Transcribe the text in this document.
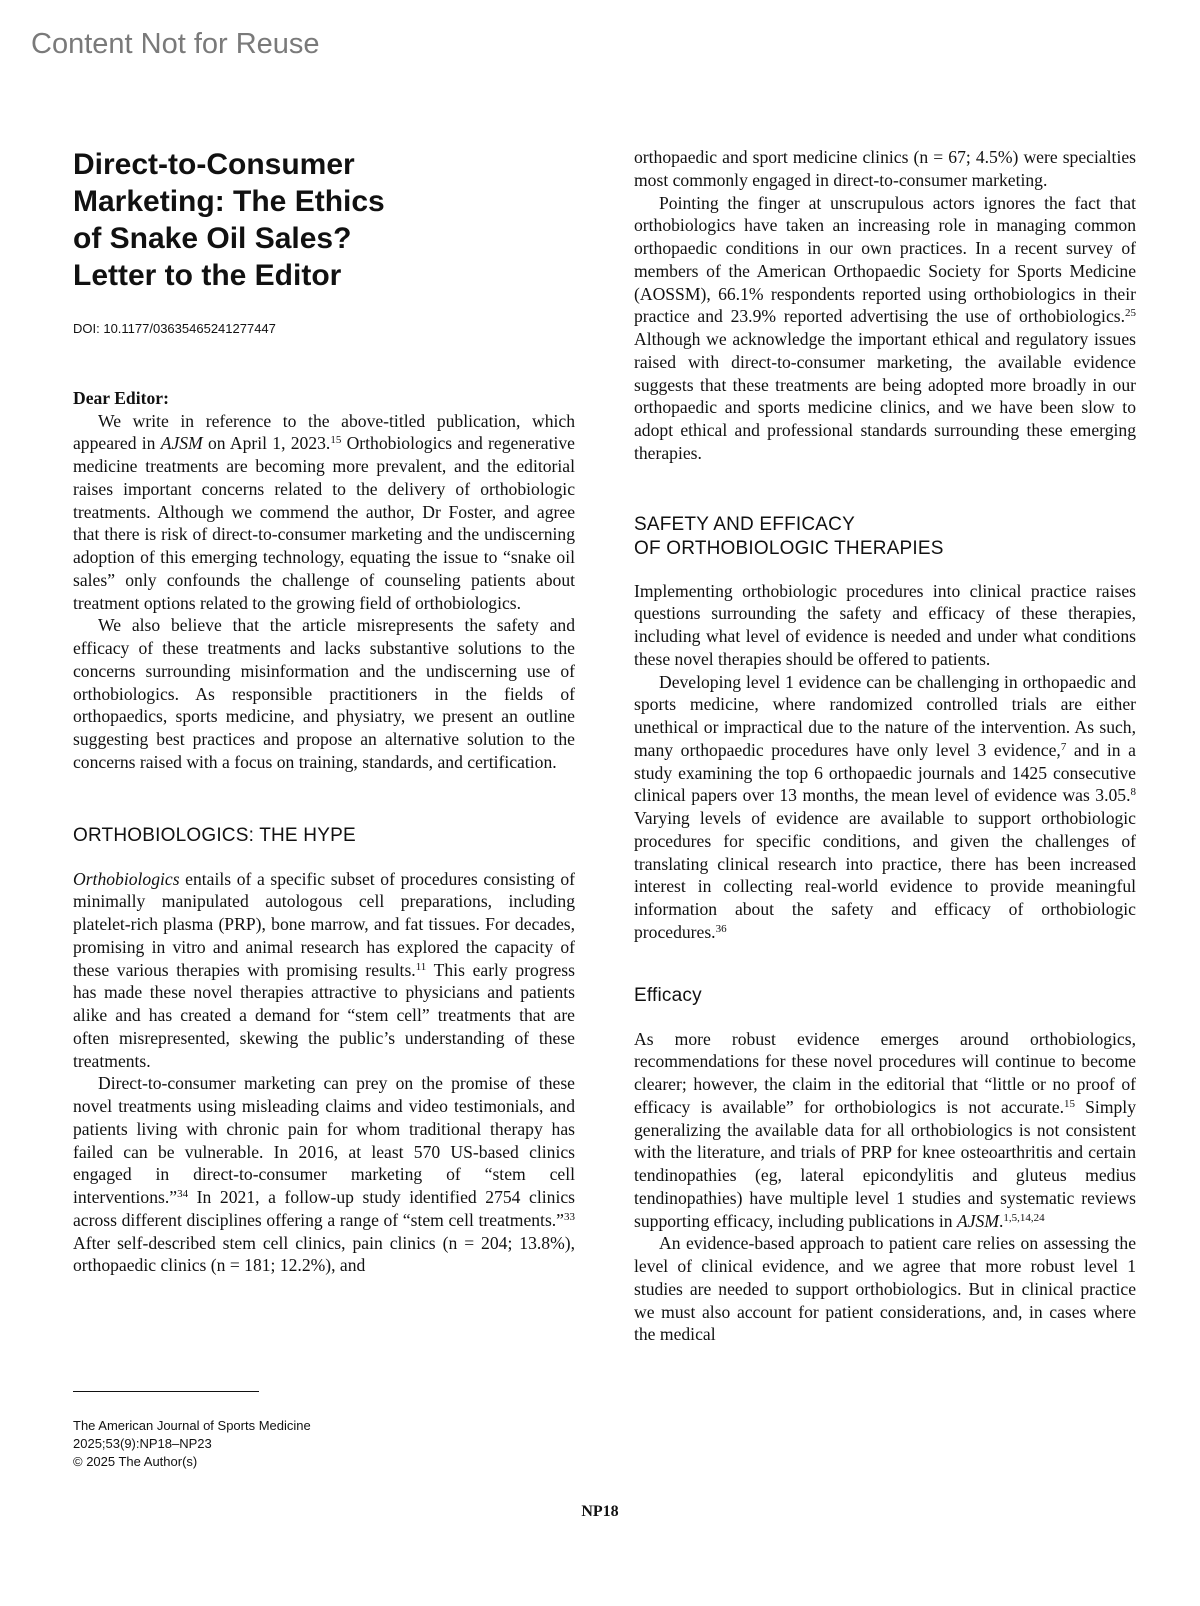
Content Not for Reuse
Direct-to-Consumer
Marketing: The Ethics
of Snake Oil Sales?
Letter to the Editor
DOI: 10.1177/03635465241277447
Dear Editor:

We write in reference to the above-titled publication, which appeared in AJSM on April 1, 2023.15 Orthobiologics and regenerative medicine treatments are becoming more prevalent, and the editorial raises important concerns related to the delivery of orthobiologic treatments. Although we commend the author, Dr Foster, and agree that there is risk of direct-to-consumer marketing and the undiscerning adoption of this emerging technology, equating the issue to “snake oil sales” only confounds the challenge of counseling patients about treatment options related to the growing field of orthobiologics.

We also believe that the article misrepresents the safety and efficacy of these treatments and lacks substantive solutions to the concerns surrounding misinformation and the undiscerning use of orthobiologics. As responsible practitioners in the fields of orthopaedics, sports medicine, and physiatry, we present an outline suggesting best practices and propose an alternative solution to the concerns raised with a focus on training, standards, and certification.

ORTHOBIOLOGICS: THE HYPE

Orthobiologics entails of a specific subset of procedures consisting of minimally manipulated autologous cell preparations, including platelet-rich plasma (PRP), bone marrow, and fat tissues. For decades, promising in vitro and animal research has explored the capacity of these various therapies with promising results.$^{11}$ This early progress has made these novel therapies attractive to physicians and patients alike and has created a demand for “stem cell” treatments that are often misrepresented, skewing the public’s understanding of these treatments.

Direct-to-consumer marketing can prey on the promise of these novel treatments using misleading claims and video testimonials, and patients living with chronic pain for whom traditional therapy has failed can be vulnerable. In 2016, at least 570 US-based clinics engaged in direct-to-consumer marketing of “stem cell interventions.”$^{34}$ In 2021, a follow-up study identified 2754 clinics across different disciplines offering a range of “stem cell treatments.”$^{33}$ After self-described stem cell clinics, pain clinics (n = 204; 13.8%), orthopaedic clinics (n = 181; 12.2%), and

The American Journal of Sports Medicine
2025;53(9):NP18–NP23
© 2025 The Author(s)

orthopaedic and sport medicine clinics (n = 67; 4.5%) were specialties most commonly engaged in direct-to-consumer marketing.

Pointing the finger at unscrupulous actors ignores the fact that orthobiologics have taken an increasing role in managing common orthopaedic conditions in our own practices. In a recent survey of members of the American Orthopaedic Society for Sports Medicine (AOSSM), 66.1% respondents reported using orthobiologics in their practice and 23.9% reported advertising the use of orthobiologics.$^{25}$ Although we acknowledge the important ethical and regulatory issues raised with direct-to-consumer marketing, the available evidence suggests that these treatments are being adopted more broadly in our orthopaedic and sports medicine clinics, and we have been slow to adopt ethical and professional standards surrounding these emerging therapies.

SAFETY AND EFFICACY
OF ORTHOBIOLOGIC THERAPIES

Implementing orthobiologic procedures into clinical practice raises questions surrounding the safety and efficacy of these therapies, including what level of evidence is needed and under what conditions these novel therapies should be offered to patients.

Developing level 1 evidence can be challenging in orthopaedic and sports medicine, where randomized controlled trials are either unethical or impractical due to the nature of the intervention. As such, many orthopaedic procedures have only level 3 evidence,$^7$ and in a study examining the top 6 orthopaedic journals and 1425 consecutive clinical papers over 13 months, the mean level of evidence was 3.05.$^8$ Varying levels of evidence are available to support orthobiologic procedures for specific conditions, and given the challenges of translating clinical research into practice, there has been increased interest in collecting real-world evidence to provide meaningful information about the safety and efficacy of orthobiologic procedures.$^{36}$

Efficacy

As more robust evidence emerges around orthobiologics, recommendations for these novel procedures will continue to become clearer; however, the claim in the editorial that “little or no proof of efficacy is available” for orthobiologics is not accurate.$^{15}$ Simply generalizing the available data for all orthobiologics is not consistent with the literature, and trials of PRP for knee osteoarthritis and certain tendinopathies (eg, lateral epicondylitis and gluteus medius tendinopathies) have multiple level 1 studies and systematic reviews supporting efficacy, including publications in AJSM.$^{1,5,14,24}$

An evidence-based approach to patient care relies on assessing the level of clinical evidence, and we agree that more robust level 1 studies are needed to support orthobiologics. But in clinical practice we must also account for patient considerations, and, in cases where the medical

NP18
